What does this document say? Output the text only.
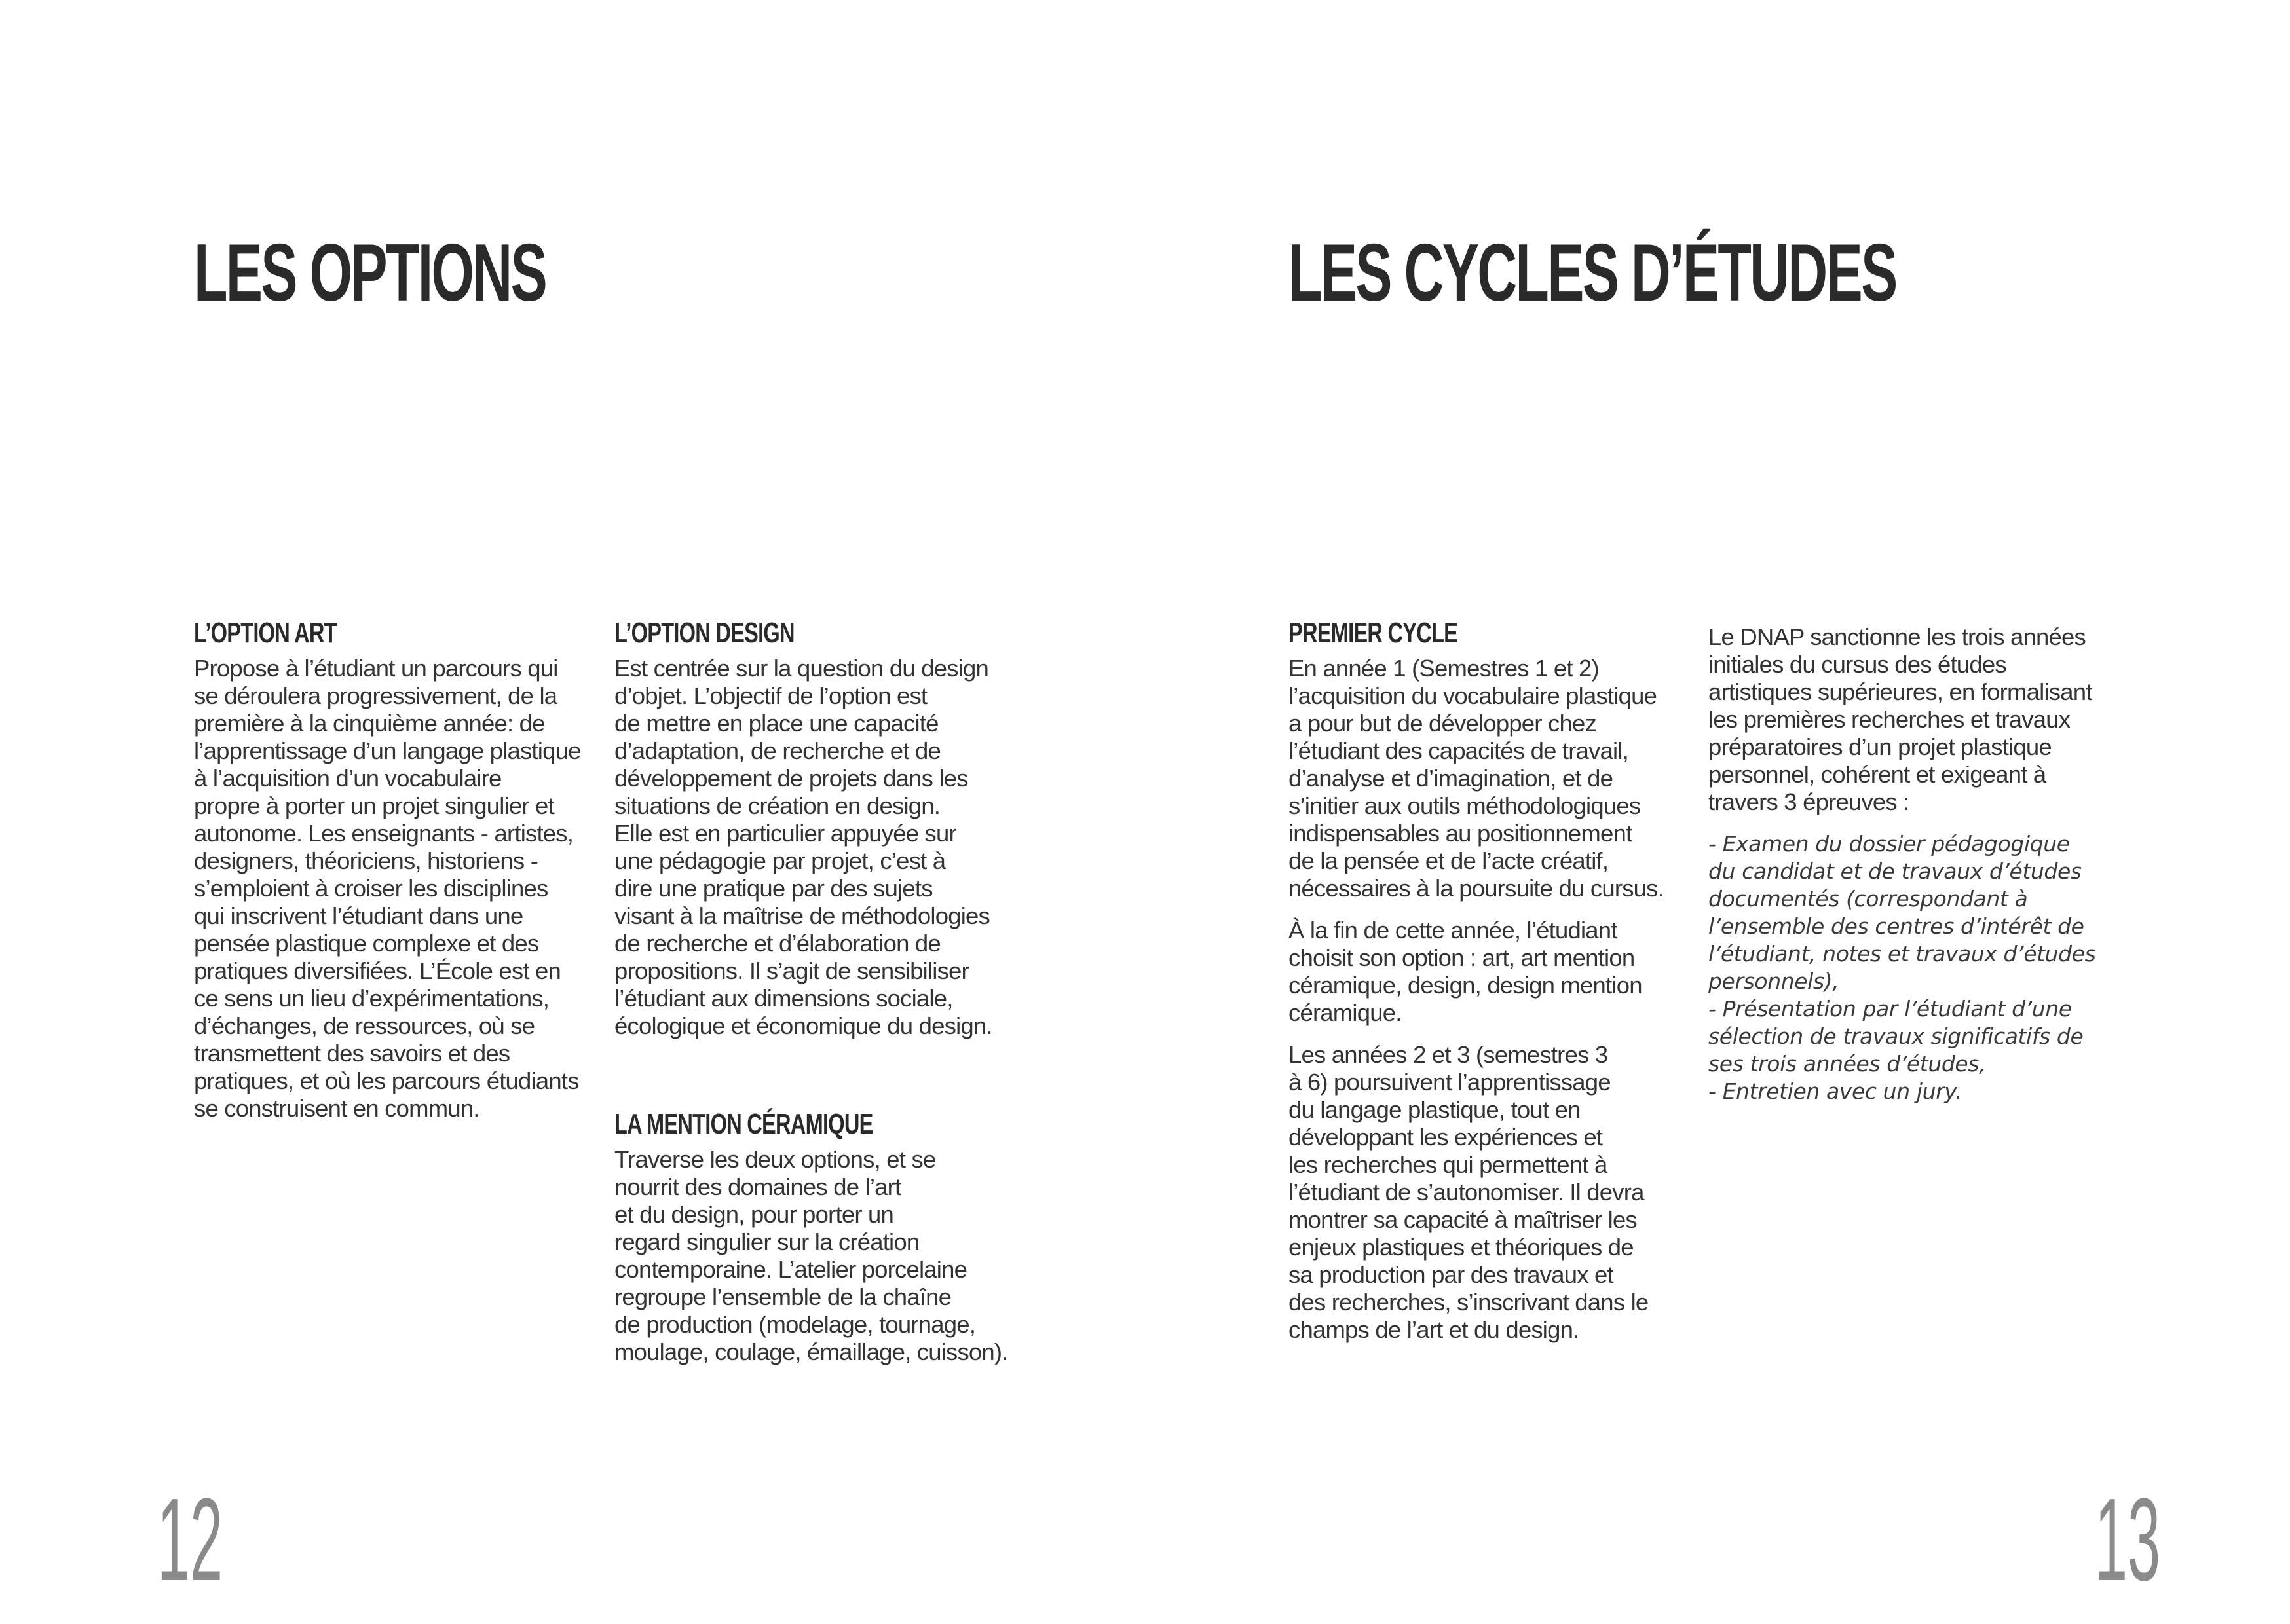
LES OPTIONS
L’OPTION ART

Propose à l’étudiant un parcours qui
se déroulera progressivement, de la
première à la cinquième année: de
l’apprentissage d’un langage plastique
à l’acquisition d’un vocabulaire
propre à porter un projet singulier et
autonome. Les enseignants - artistes,
designers, théoriciens, historiens -
s’emploient à croiser les disciplines
qui inscrivent l’étudiant dans une
pensée plastique complexe et des
pratiques diversifiées. L’École est en
ce sens un lieu d’expérimentations,
d’échanges, de ressources, où se
transmettent des savoirs et des
pratiques, et où les parcours étudiants
se construisent en commun.

L’OPTION DESIGN

Est centrée sur la question du design
d’objet. L’objectif de l’option est
de mettre en place une capacité
d’adaptation, de recherche et de
développement de projets dans les
situations de création en design.
Elle est en particulier appuyée sur
une pédagogie par projet, c’est à
dire une pratique par des sujets
visant à la maîtrise de méthodologies
de recherche et d’élaboration de
propositions. Il s’agit de sensibiliser
l’étudiant aux dimensions sociale,
écologique et économique du design.

LA MENTION CÉRAMIQUE

Traverse les deux options, et se
nourrit des domaines de l’art
et du design, pour porter un
regard singulier sur la création
contemporaine. L’atelier porcelaine
regroupe l’ensemble de la chaîne
de production (modelage, tournage,
moulage, coulage, émaillage, cuisson).

12
LES CYCLES D’ÉTUDES
PREMIER CYCLE

En année 1 (Semestres 1 et 2)
l’acquisition du vocabulaire plastique
a pour but de développer chez
l’étudiant des capacités de travail,
d’analyse et d’imagination, et de
s’initier aux outils méthodologiques
indispensables au positionnement
de la pensée et de l’acte créatif,
nécessaires à la poursuite du cursus.

À la fin de cette année, l’étudiant
choisit son option : art, art mention
céramique, design, design mention
céramique.

Les années 2 et 3 (semestres 3
à 6) poursuivent l’apprentissage
du langage plastique, tout en
développant les expériences et
les recherches qui permettent à
l’étudiant de s’autonomiser. Il devra
montrer sa capacité à maîtriser les
enjeux plastiques et théoriques de
sa production par des travaux et
des recherches, s’inscrivant dans le
champs de l’art et du design.

Le DNAP sanctionne les trois années
initiales du cursus des études
artistiques supérieures, en formalisant
les premières recherches et travaux
préparatoires d’un projet plastique
personnel, cohérent et exigeant à
travers 3 épreuves :

- Examen du dossier pédagogique
du candidat et de travaux d’études
documentés (correspondant à
l’ensemble des centres d’intérêt de
l’étudiant, notes et travaux d’études
personnels),

- Présentation par l’étudiant d’une
sélection de travaux significatifs de
ses trois années d’études,

- Entretien avec un jury.

13
